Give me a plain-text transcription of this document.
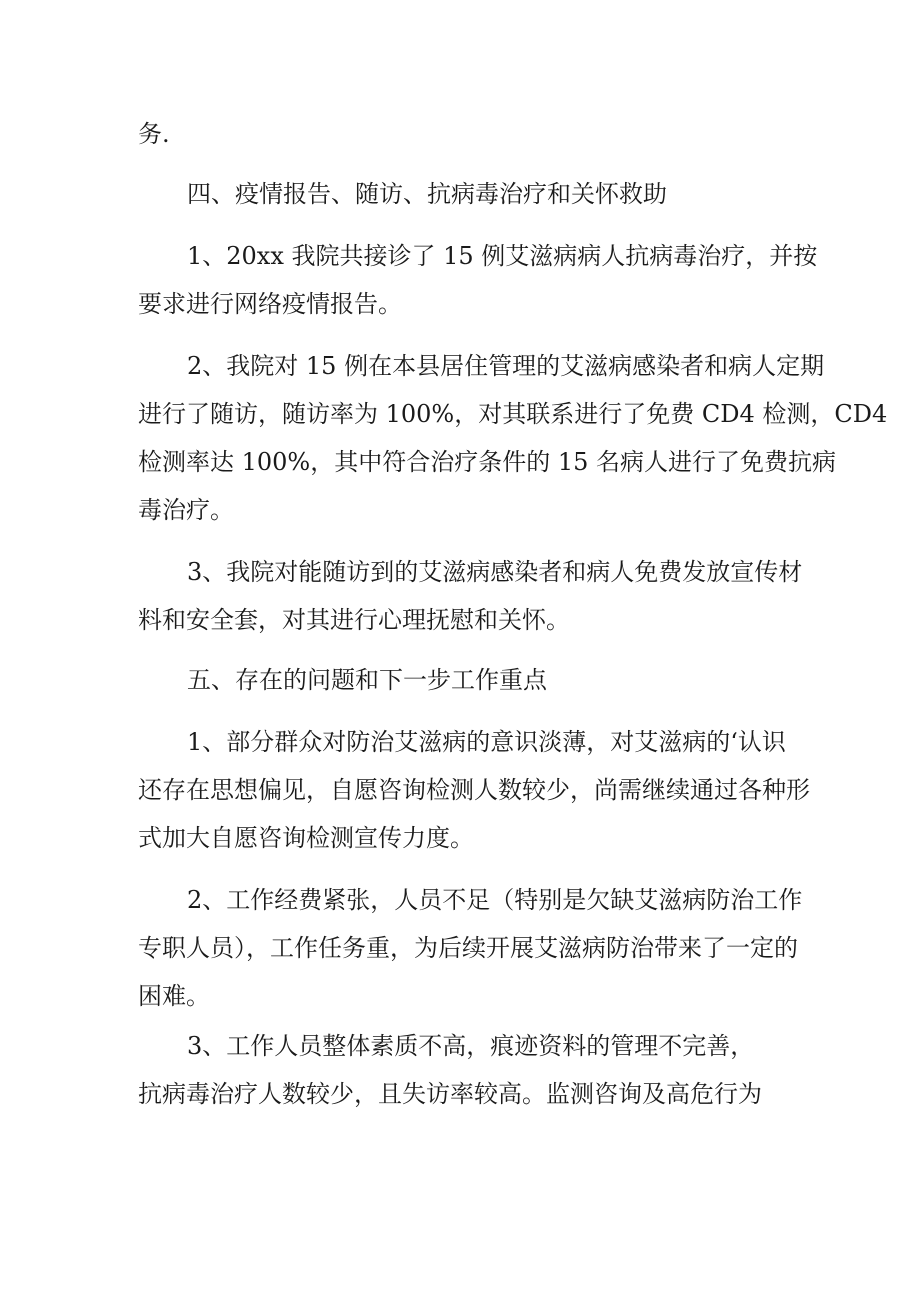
务.

四、疫情报告、随访、抗病毒治疗和关怀救助

1、20xx 我院共接诊了 15 例艾滋病病人抗病毒治疗，并按

要求进行网络疫情报告。

2、我院对 15 例在本县居住管理的艾滋病感染者和病人定期

进行了随访，随访率为 100%，对其联系进行了免费 CD4 检测，CD4

检测率达 100%，其中符合治疗条件的 15 名病人进行了免费抗病

毒治疗。

3、我院对能随访到的艾滋病感染者和病人免费发放宣传材

料和安全套，对其进行心理抚慰和关怀。

五、存在的问题和下一步工作重点

1、部分群众对防治艾滋病的意识淡薄，对艾滋病的‘认识

还存在思想偏见，自愿咨询检测人数较少，尚需继续通过各种形

式加大自愿咨询检测宣传力度。

2、工作经费紧张，人员不足（特别是欠缺艾滋病防治工作

专职人员），工作任务重，为后续开展艾滋病防治带来了一定的

困难。

3、工作人员整体素质不高，痕迹资料的管理不完善，

抗病毒治疗人数较少，且失访率较高。监测咨询及高危行为
